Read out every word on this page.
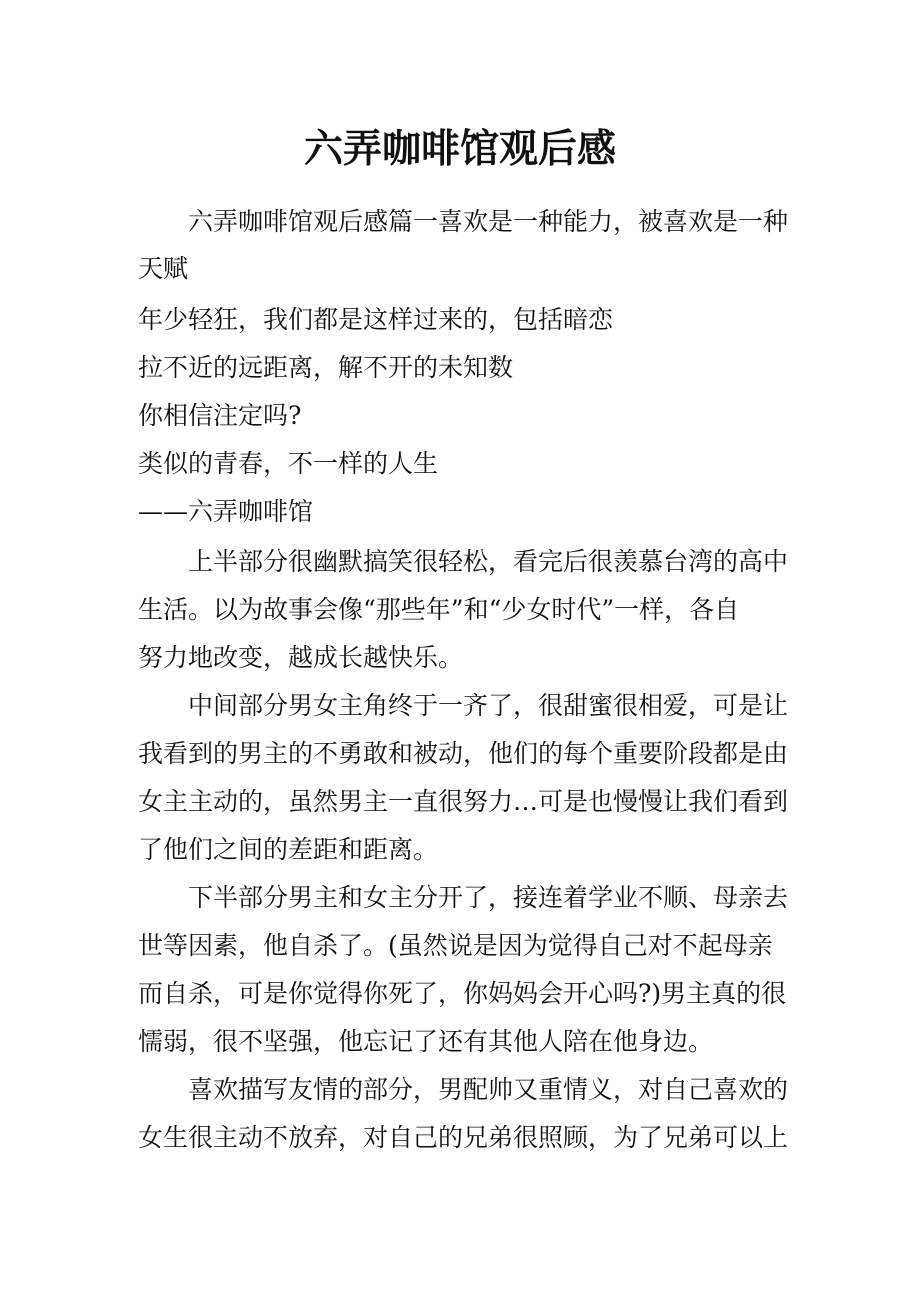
六弄咖啡馆观后感
六弄咖啡馆观后感篇一喜欢是一种能力，被喜欢是一种
天赋
年少轻狂，我们都是这样过来的，包括暗恋
拉不近的远距离，解不开的未知数
你相信注定吗?
类似的青春，不一样的人生
——六弄咖啡馆
上半部分很幽默搞笑很轻松，看完后很羡慕台湾的高中
生活。以为故事会像“那些年”和“少女时代”一样，各自
努力地改变，越成长越快乐。
中间部分男女主角终于一齐了，很甜蜜很相爱，可是让
我看到的男主的不勇敢和被动，他们的每个重要阶段都是由
女主主动的，虽然男主一直很努力…可是也慢慢让我们看到
了他们之间的差距和距离。
下半部分男主和女主分开了，接连着学业不顺、母亲去
世等因素，他自杀了。(虽然说是因为觉得自己对不起母亲
而自杀，可是你觉得你死了，你妈妈会开心吗?)男主真的很
懦弱，很不坚强，他忘记了还有其他人陪在他身边。
喜欢描写友情的部分，男配帅又重情义，对自己喜欢的
女生很主动不放弃，对自己的兄弟很照顾，为了兄弟可以上
